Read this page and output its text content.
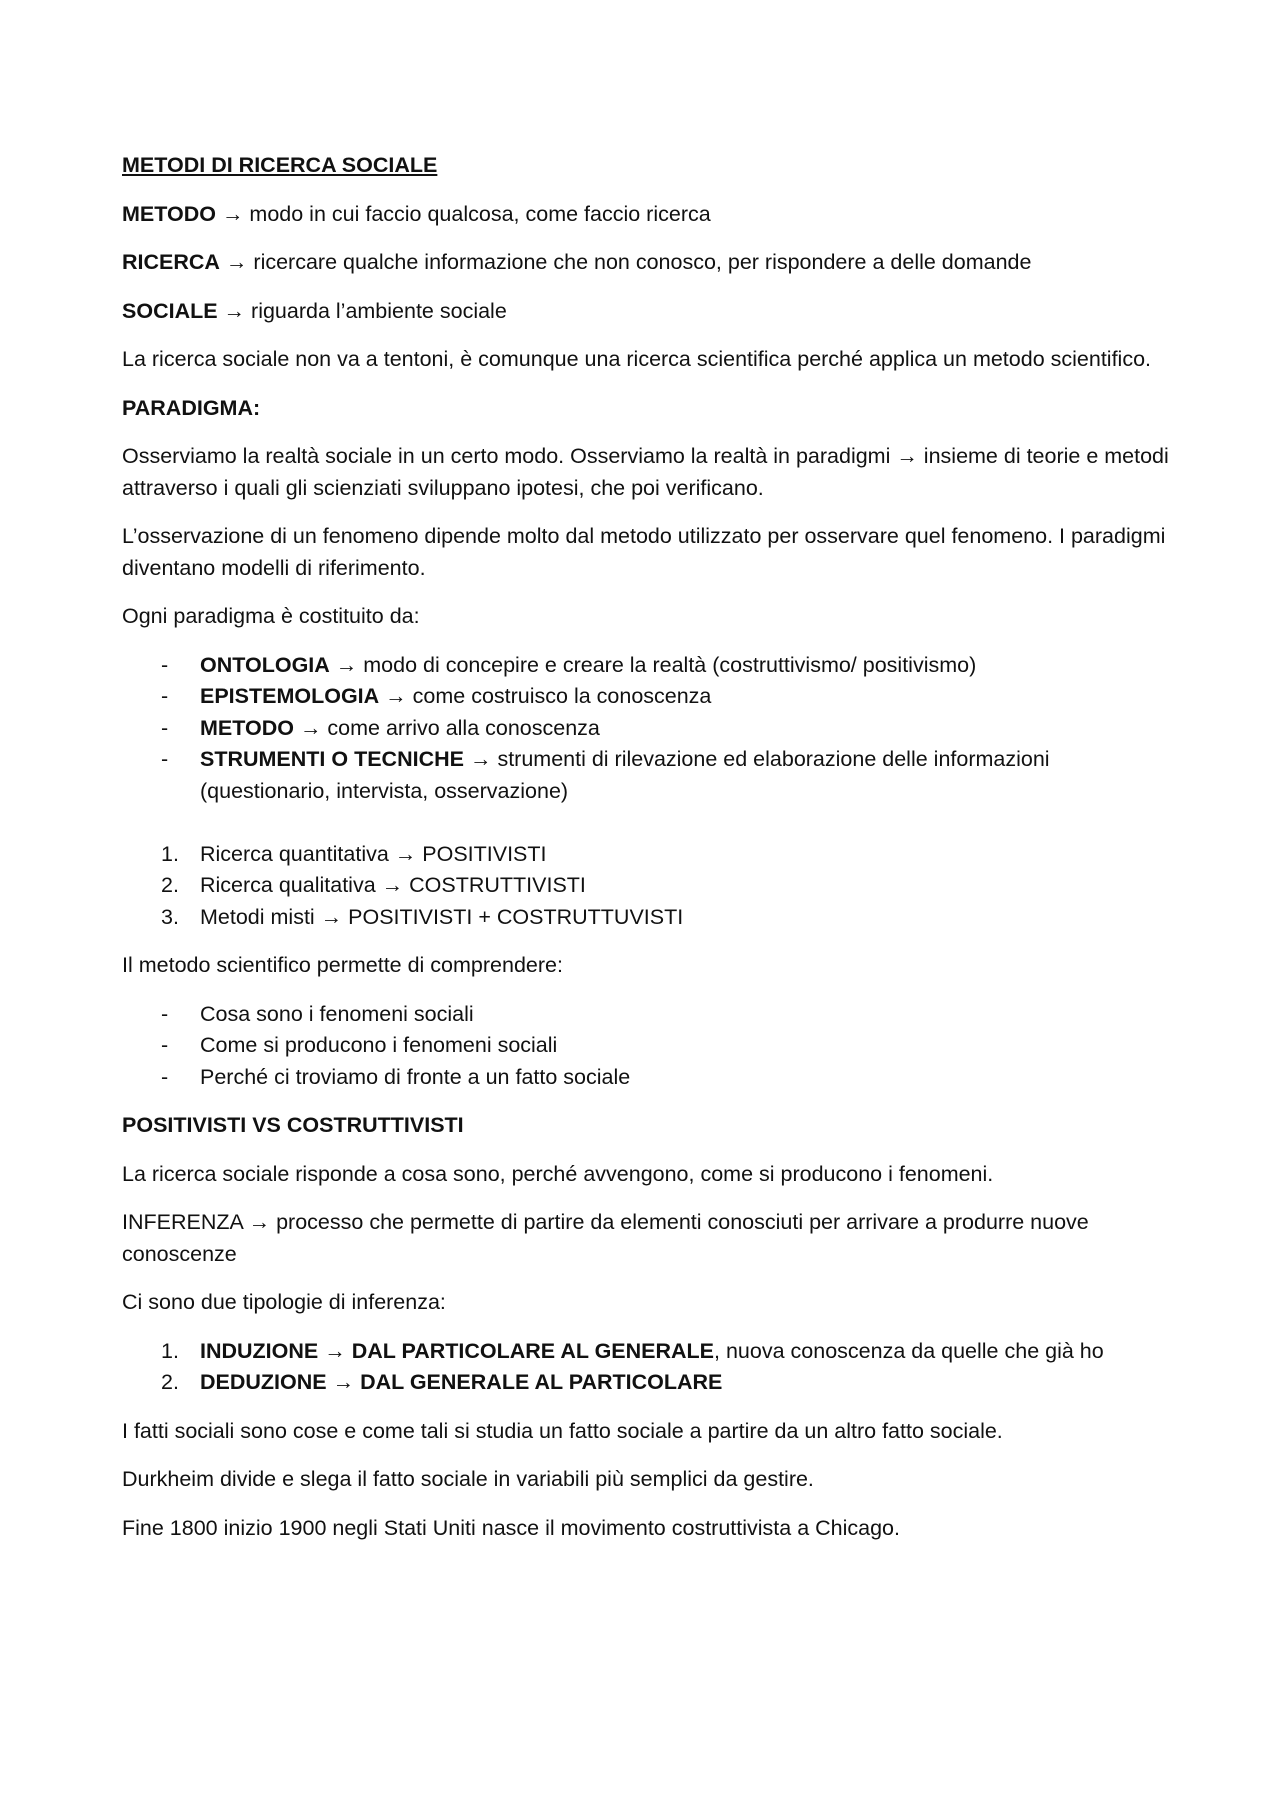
METODI DI RICERCA SOCIALE
METODO → modo in cui faccio qualcosa, come faccio ricerca
RICERCA → ricercare qualche informazione che non conosco, per rispondere a delle domande
SOCIALE → riguarda l’ambiente sociale
La ricerca sociale non va a tentoni, è comunque una ricerca scientifica perché applica un metodo scientifico.
PARADIGMA:
Osserviamo la realtà sociale in un certo modo. Osserviamo la realtà in paradigmi → insieme di teorie e metodi attraverso i quali gli scienziati sviluppano ipotesi, che poi verificano.
L’osservazione di un fenomeno dipende molto dal metodo utilizzato per osservare quel fenomeno. I paradigmi diventano modelli di riferimento.
Ogni paradigma è costituito da:
-	ONTOLOGIA → modo di concepire e creare la realtà (costruttivismo/ positivismo)
-	EPISTEMOLOGIA → come costruisco la conoscenza
-	METODO → come arrivo alla conoscenza
-	STRUMENTI O TECNICHE → strumenti di rilevazione ed elaborazione delle informazioni (questionario, intervista, osservazione)
1. Ricerca quantitativa → POSITIVISTI
2. Ricerca qualitativa → COSTRUTTIVISTI
3. Metodi misti → POSITIVISTI + COSTRUTTUVISTI
Il metodo scientifico permette di comprendere:
-	Cosa sono i fenomeni sociali
-	Come si producono i fenomeni sociali
-	Perché ci troviamo di fronte a un fatto sociale
POSITIVISTI VS COSTRUTTIVISTI
La ricerca sociale risponde a cosa sono, perché avvengono, come si producono i fenomeni.
INFERENZA → processo che permette di partire da elementi conosciuti per arrivare a produrre nuove conoscenze
Ci sono due tipologie di inferenza:
1. INDUZIONE → DAL PARTICOLARE AL GENERALE, nuova conoscenza da quelle che già ho
2. DEDUZIONE → DAL GENERALE AL PARTICOLARE
I fatti sociali sono cose e come tali si studia un fatto sociale a partire da un altro fatto sociale.
Durkheim divide e slega il fatto sociale in variabili più semplici da gestire.
Fine 1800 inizio 1900 negli Stati Uniti nasce il movimento costruttivista a Chicago.
